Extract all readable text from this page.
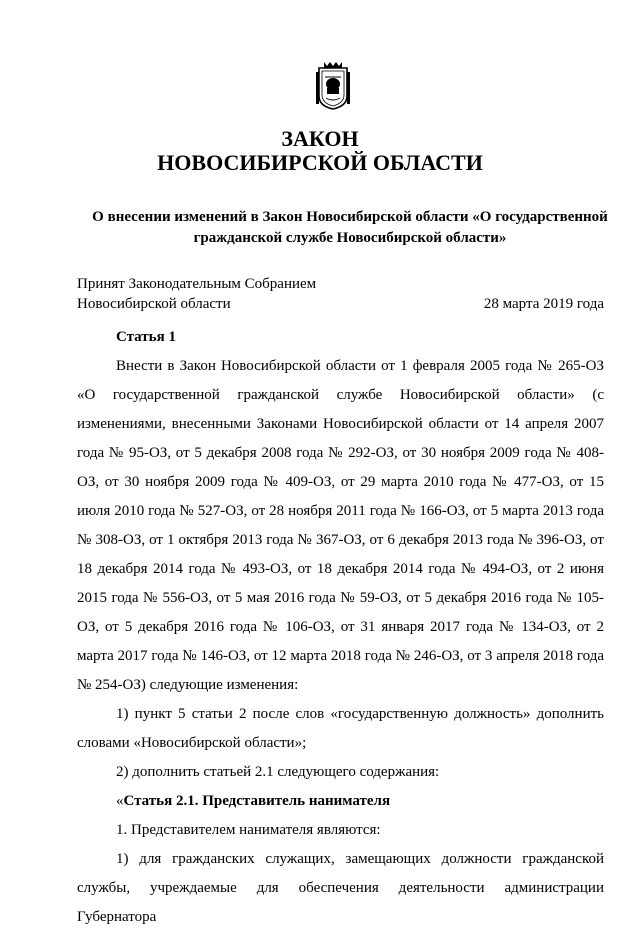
ЗАКОН
НОВОСИБИРСКОЙ ОБЛАСТИ

О внесении изменений в Закон Новосибирской области «О государственной гражданской службе Новосибирской области»

Принят Законодательным Собранием
Новосибирской области	28 марта 2019 года

Статья 1

Внести в Закон Новосибирской области от 1 февраля 2005 года № 265-ОЗ «О государственной гражданской службе Новосибирской области» (с изменениями, внесенными Законами Новосибирской области от 14 апреля 2007 года № 95-ОЗ, от 5 декабря 2008 года № 292-ОЗ, от 30 ноября 2009 года № 408-ОЗ, от 30 ноября 2009 года № 409-ОЗ, от 29 марта 2010 года № 477-ОЗ, от 15 июля 2010 года № 527-ОЗ, от 28 ноября 2011 года № 166-ОЗ, от 5 марта 2013 года № 308-ОЗ, от 1 октября 2013 года № 367-ОЗ, от 6 декабря 2013 года № 396-ОЗ, от 18 декабря 2014 года № 493-ОЗ, от 18 декабря 2014 года № 494-ОЗ, от 2 июня 2015 года № 556-ОЗ, от 5 мая 2016 года № 59-ОЗ, от 5 декабря 2016 года № 105-ОЗ, от 5 декабря 2016 года № 106-ОЗ, от 31 января 2017 года № 134-ОЗ, от 2 марта 2017 года № 146-ОЗ, от 12 марта 2018 года № 246-ОЗ, от 3 апреля 2018 года № 254-ОЗ) следующие изменения:

1) пункт 5 статьи 2 после слов «государственную должность» дополнить словами «Новосибирской области»;

2) дополнить статьей 2.1 следующего содержания:

«Статья 2.1. Представитель нанимателя

1. Представителем нанимателя являются:

1) для гражданских служащих, замещающих должности гражданской службы, учреждаемые для обеспечения деятельности администрации Губернатора
